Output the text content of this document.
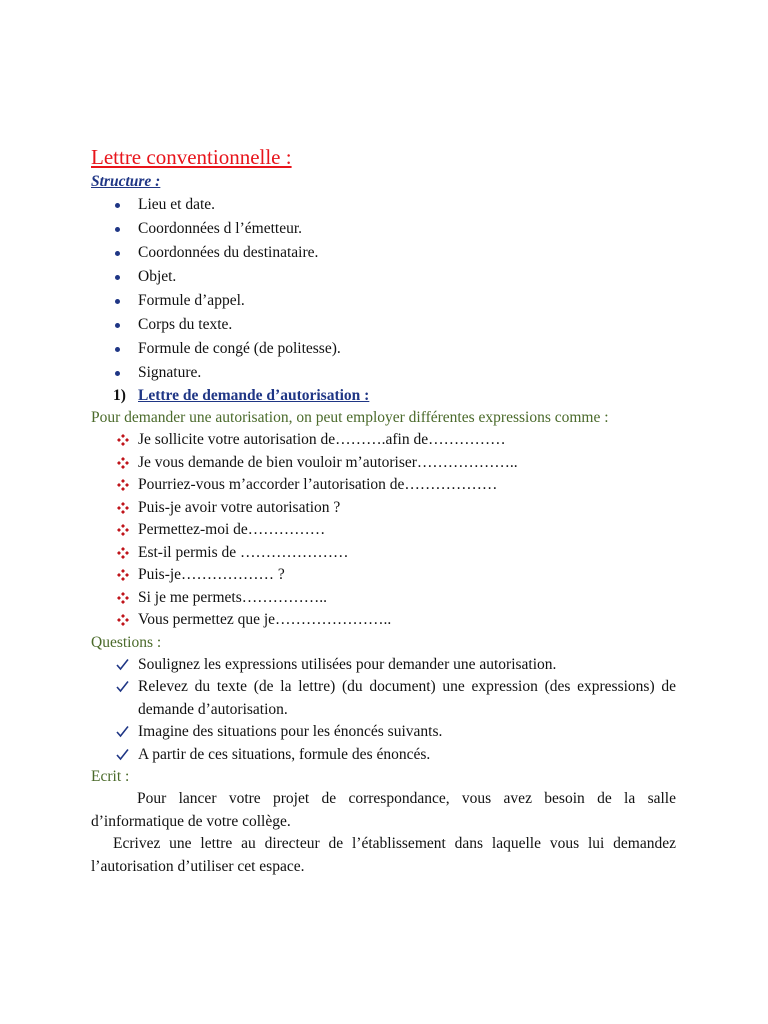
Lettre conventionnelle :

Structure :

Lieu et date.
Coordonnées d l’émetteur.
Coordonnées du destinataire.
Objet.
Formule d’appel.
Corps du texte.
Formule de congé (de politesse).
Signature.

1) Lettre de demande d’autorisation :

Pour demander une autorisation, on peut employer différentes expressions comme :

Je sollicite votre autorisation de……….afin de……………
Je vous demande de bien vouloir m’autoriser………………..
Pourriez-vous m’accorder l’autorisation de………………
Puis-je avoir votre autorisation ?
Permettez-moi de……………
Est-il permis de …………………
Puis-je……………… ?
Si je me permets……………..
Vous permettez que je…………………..

Questions :

Soulignez les expressions utilisées pour demander une autorisation.
Relevez du texte (de la lettre) (du document) une expression (des expressions) de demande d’autorisation.
Imagine des situations pour les énoncés suivants.
A partir de ces situations, formule des énoncés.

Ecrit :

Pour lancer votre projet de correspondance, vous avez besoin de la salle d’informatique de votre collège.

Ecrivez une lettre au directeur de l’établissement dans laquelle vous lui demandez l’autorisation d’utiliser cet espace.
